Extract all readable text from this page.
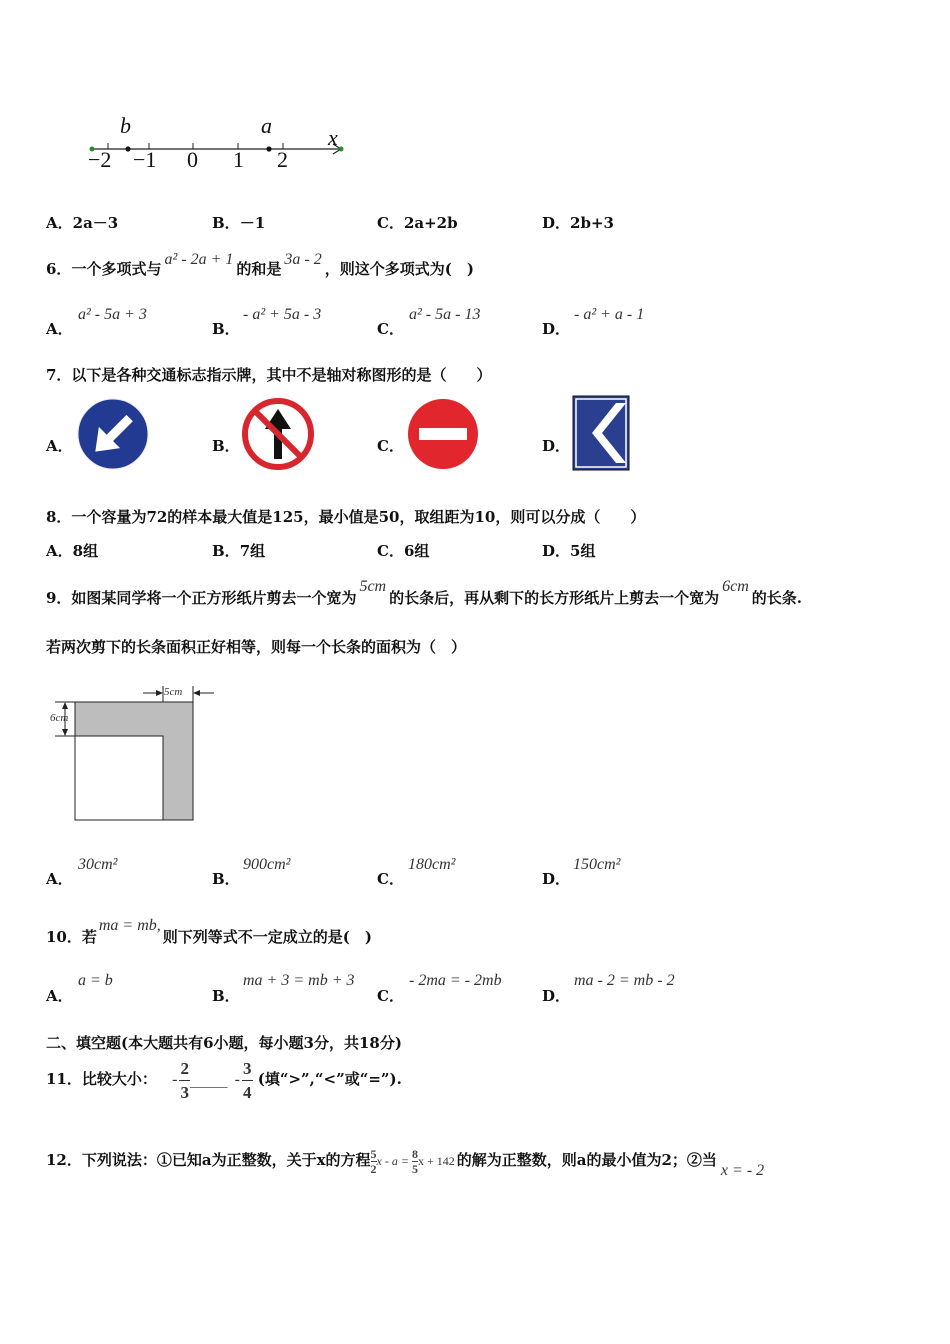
b	a	x
−2 −1 0 1 2
A．2a－3	B．－1	C．2a+2b	D．2b+3
6．一个多项式与a² - 2a + 1的和是3a - 2，则这个多项式为(　)
A．
a² - 5a + 3
B．
- a² + 5a - 3
C．
a² - 5a - 13
D．
- a² + a - 1
7．以下是各种交通标志指示牌，其中不是轴对称图形的是（　　）
A．	B．	C．	D．
8．一个容量为72的样本最大值是125，最小值是50，取组距为10，则可以分成（　　）
A．8组	B．7组	C．6组	D．5组
9．如图某同学将一个正方形纸片剪去一个宽为5cm的长条后，再从剩下的长方形纸片上剪去一个宽为6cm的长条.
若两次剪下的长条面积正好相等，则每一个长条的面积为（　）
5cm
6cm
A．
30cm²
B．
900cm²
C．
180cm²
D．
150cm²
10．若ma = mb,则下列等式不一定成立的是(　)
A．
a = b
B．
ma + 3 = mb + 3
C．
- 2ma = - 2mb
D．
ma - 2 = mb - 2
二、填空题(本大题共有6小题，每小题3分，共18分)
11．比较大小： - $\frac{2}{3}$ _____ - $\frac{3}{4}$ (填“>”,“<”或“=”).
12．下列说法：①已知a为正整数，关于x的方程 $\frac{5}{2}$ $x - a = \frac{8}{5}$ x + 142 的解为正整数，则a的最小值为2；②当x = - 2
